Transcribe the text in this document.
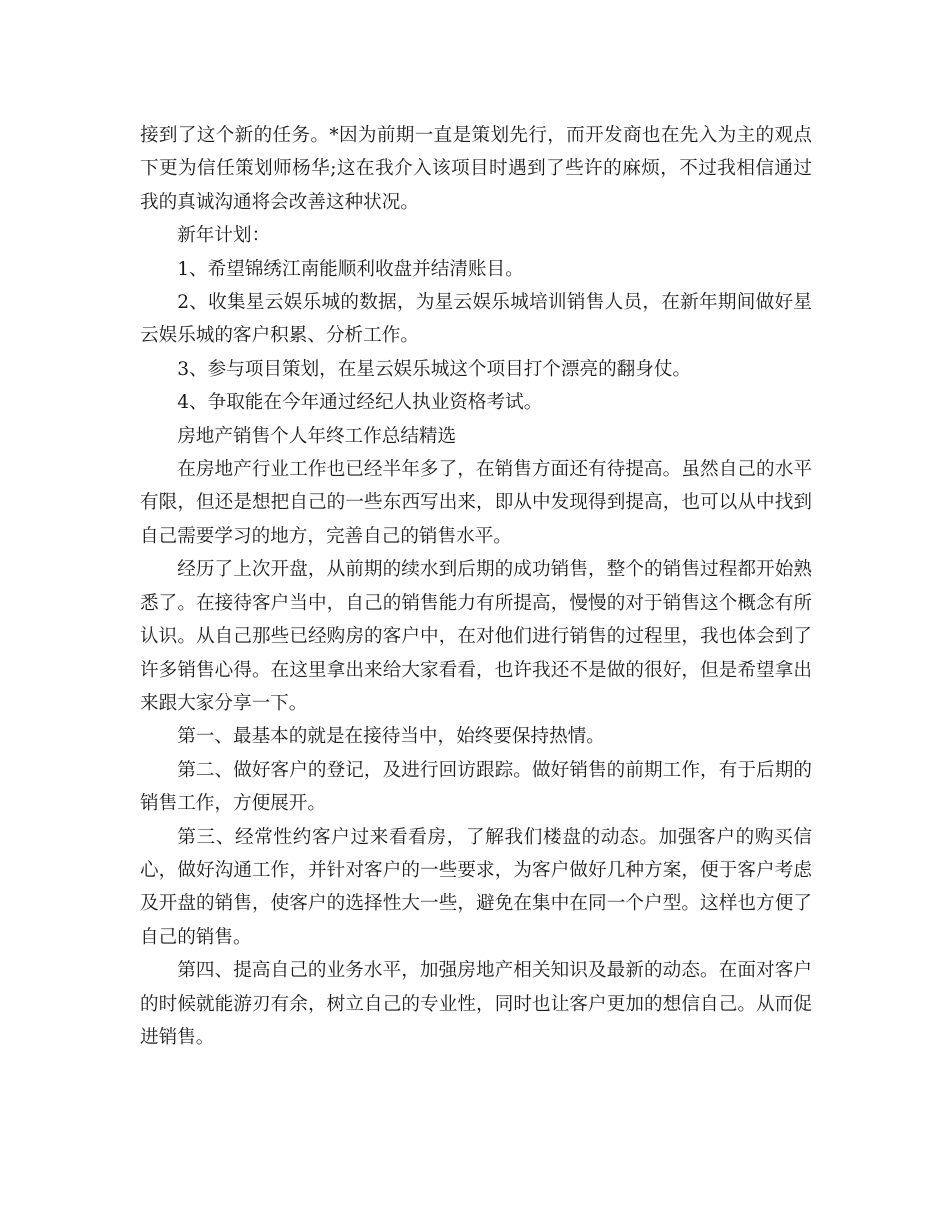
接到了这个新的任务。*因为前期一直是策划先行，而开发商也在先入为主的观点下更为信任策划师杨华;这在我介入该项目时遇到了些许的麻烦，不过我相信通过我的真诚沟通将会改善这种状况。

新年计划：

1、希望锦绣江南能顺利收盘并结清账目。

2、收集星云娱乐城的数据，为星云娱乐城培训销售人员，在新年期间做好星云娱乐城的客户积累、分析工作。

3、参与项目策划，在星云娱乐城这个项目打个漂亮的翻身仗。

4、争取能在今年通过经纪人执业资格考试。

房地产销售个人年终工作总结精选

在房地产行业工作也已经半年多了，在销售方面还有待提高。虽然自己的水平有限，但还是想把自己的一些东西写出来，即从中发现得到提高，也可以从中找到自己需要学习的地方，完善自己的销售水平。

经历了上次开盘，从前期的续水到后期的成功销售，整个的销售过程都开始熟悉了。在接待客户当中，自己的销售能力有所提高，慢慢的对于销售这个概念有所认识。从自己那些已经购房的客户中，在对他们进行销售的过程里，我也体会到了许多销售心得。在这里拿出来给大家看看，也许我还不是做的很好，但是希望拿出来跟大家分享一下。

第一、最基本的就是在接待当中，始终要保持热情。

第二、做好客户的登记，及进行回访跟踪。做好销售的前期工作，有于后期的销售工作，方便展开。

第三、经常性约客户过来看看房，了解我们楼盘的动态。加强客户的购买信心，做好沟通工作，并针对客户的一些要求，为客户做好几种方案，便于客户考虑及开盘的销售，使客户的选择性大一些，避免在集中在同一个户型。这样也方便了自己的销售。

第四、提高自己的业务水平，加强房地产相关知识及最新的动态。在面对客户的时候就能游刃有余，树立自己的专业性，同时也让客户更加的想信自己。从而促进销售。
